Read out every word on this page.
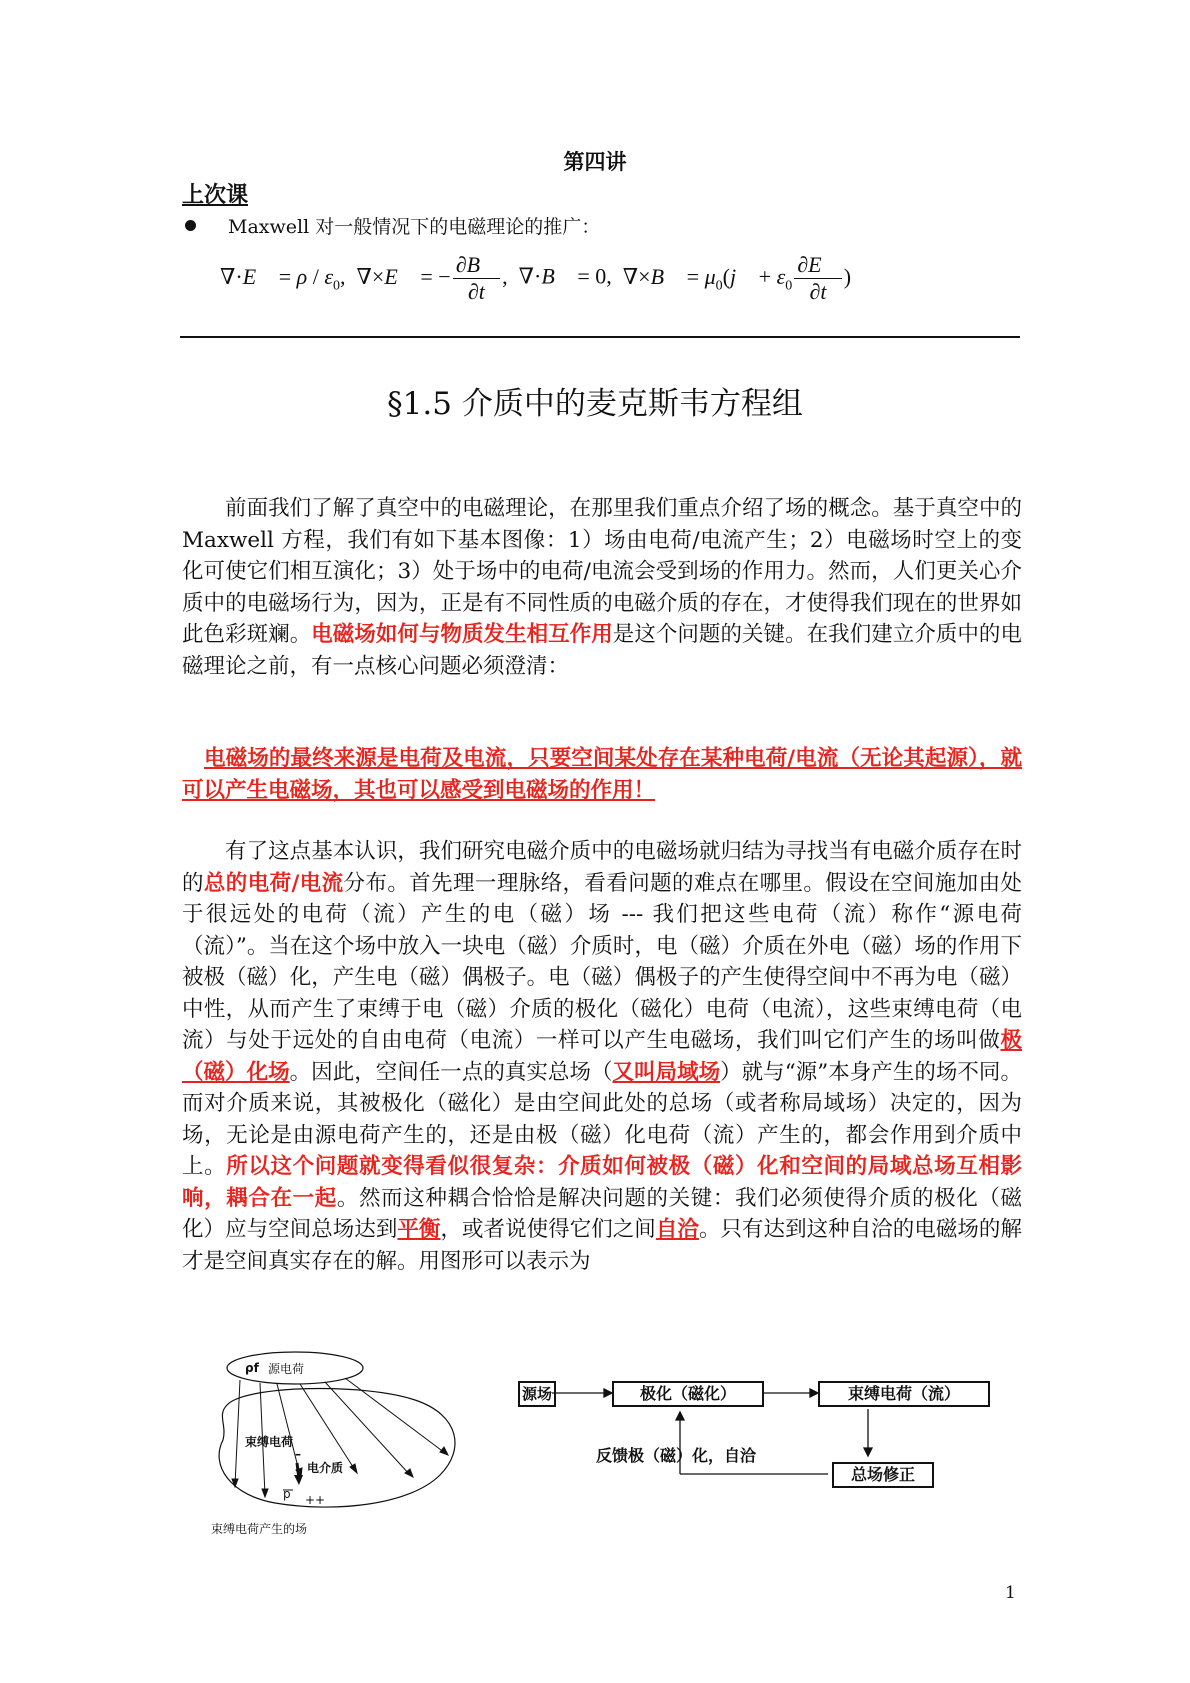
第四讲
上次课
Maxwell 对一般情况下的电磁理论的推广：
∇·E⃗ = ρ / $\varepsilon_0$,  ∇×E⃗ = − $\frac{\partial B⃗}{\partial t}$ ,  ∇·B⃗ = 0,  ∇×B⃗ = $\mu_0(j⃗ + \varepsilon_0 \frac{\partial E⃗}{\partial t}$ )
§1.5 介质中的麦克斯韦方程组
前面我们了解了真空中的电磁理论，在那里我们重点介绍了场的概念。基于真空中的 Maxwell 方程，我们有如下基本图像：1）场由电荷/电流产生；2）电磁场时空上的变化可使它们相互演化；3）处于场中的电荷/电流会受到场的作用力。然而，人们更关心介质中的电磁场行为，因为，正是有不同性质的电磁介质的存在，才使得我们现在的世界如此色彩斑斓。电磁场如何与物质发生相互作用是这个问题的关键。在我们建立介质中的电磁理论之前，有一点核心问题必须澄清：
电磁场的最终来源是电荷及电流，只要空间某处存在某种电荷/电流（无论其起源），就可以产生电磁场，其也可以感受到电磁场的作用！
有了这点基本认识，我们研究电磁介质中的电磁场就归结为寻找当有电磁介质存在时的总的电荷/电流分布。首先理一理脉络，看看问题的难点在哪里。假设在空间施加由处于很远处的电荷（流）产生的电（磁）场 --- 我们把这些电荷（流）称作“源电荷（流）”。当在这个场中放入一块电（磁）介质时，电（磁）介质在外电（磁）场的作用下被极（磁）化，产生电（磁）偶极子。电（磁）偶极子的产生使得空间中不再为电（磁）中性，从而产生了束缚于电（磁）介质的极化（磁化）电荷（电流），这些束缚电荷（电流）与处于远处的自由电荷（电流）一样可以产生电磁场，我们叫它们产生的场叫做极（磁）化场。因此，空间任一点的真实总场（又叫局域场）就与“源”本身产生的场不同。而对介质来说，其被极化（磁化）是由空间此处的总场（或者称局域场）决定的，因为场，无论是由源电荷产生的，还是由极（磁）化电荷（流）产生的，都会作用到介质中上。所以这个问题就变得看似很复杂：介质如何被极（磁）化和空间的局域总场互相影响，耦合在一起。然而这种耦合恰恰是解决问题的关键：我们必须使得介质的极化（磁化）应与空间总场达到平衡，或者说使得它们之间自洽。只有达到这种自洽的电磁场的解才是空间真实存在的解。用图形可以表示为
ρf 源电荷
束缚电荷
–
电介质
p ++
束缚电荷产生的场
源场	极化（磁化）	束缚电荷（流）
总场修正
反馈极（磁）化，自洽
1
